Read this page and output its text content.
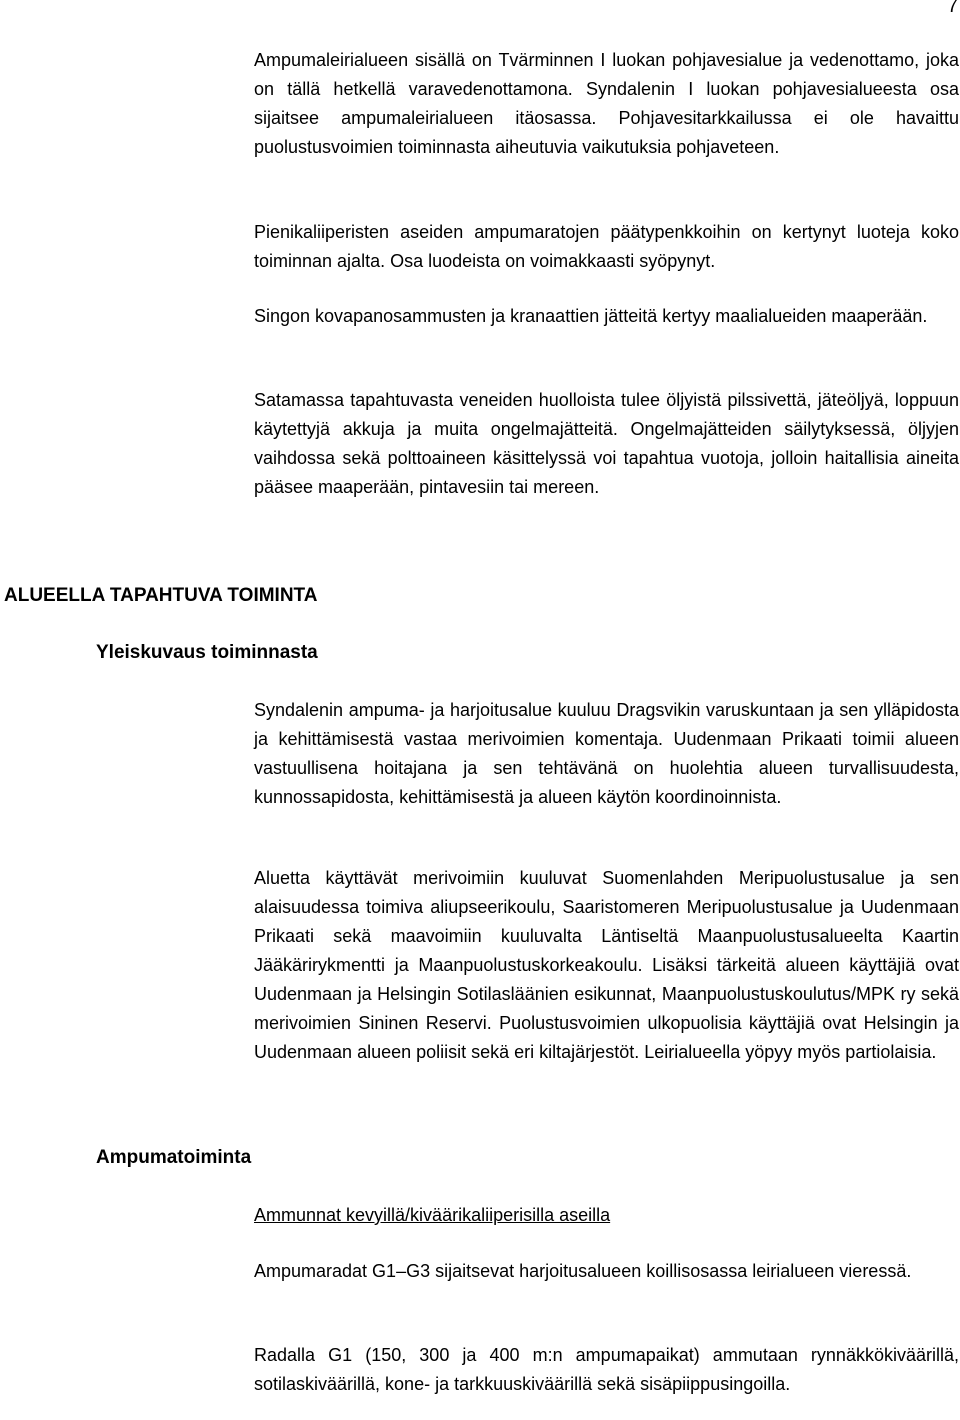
7

Ampumaleirialueen sisällä on Tvärminnen I luokan pohjavesialue ja vedenottamo, joka on tällä hetkellä varavedenottamona. Syndalenin I luokan pohjavesialueesta osa sijaitsee ampumaleirialueen itäosassa. Pohjavesitarkkailussa ei ole havaittu puolustusvoimien toiminnasta aiheutuvia vaikutuksia pohjaveteen.

Pienikaliiperisten aseiden ampumaratojen päätypenkkoihin on kertynyt luoteja koko toiminnan ajalta. Osa luodeista on voimakkaasti syöpynyt.

Singon kovapanosammusten ja kranaattien jätteitä kertyy maalialueiden maaperään.

Satamassa tapahtuvasta veneiden huolloista tulee öljyistä pilssivettä, jäteöljyä, loppuun käytettyjä akkuja ja muita ongelmajätteitä. Ongelmajätteiden säilytyksessä, öljyjen vaihdossa sekä polttoaineen käsittelyssä voi tapahtua vuotoja, jolloin haitallisia aineita pääsee maaperään, pintavesiin tai mereen.

ALUEELLA TAPAHTUVA TOIMINTA
Yleiskuvaus toiminnasta

Syndalenin ampuma- ja harjoitusalue kuuluu Dragsvikin varuskuntaan ja sen ylläpidosta ja kehittämisestä vastaa merivoimien komentaja. Uudenmaan Prikaati toimii alueen vastuullisena hoitajana ja sen tehtävänä on huolehtia alueen turvallisuudesta, kunnossapidosta, kehittämisestä ja alueen käytön koordinoinnista.

Aluetta käyttävät merivoimiin kuuluvat Suomenlahden Meripuolustusalue ja sen alaisuudessa toimiva aliupseerikoulu, Saaristomeren Meripuolustusalue ja Uudenmaan Prikaati sekä maavoimiin kuuluvalta Läntiseltä Maanpuolustusalueelta Kaartin Jääkärirykmentti ja Maanpuolustuskorkeakoulu. Lisäksi tärkeitä alueen käyttäjiä ovat Uudenmaan ja Helsingin Sotilasläänien esikunnat, Maanpuolustuskoulutus/MPK ry sekä merivoimien Sininen Reservi. Puolustusvoimien ulkopuolisia käyttäjiä ovat Helsingin ja Uudenmaan alueen poliisit sekä eri kiltajärjestöt. Leirialueella yöpyy myös partiolaisia.

Ampumatoiminta

Ammunnat kevyillä/kiväärikaliiperisilla aseilla

Ampumaradat G1–G3 sijaitsevat harjoitusalueen koillisosassa leirialueen vieressä.

Radalla G1 (150, 300 ja 400 m:n ampumapaikat) ammutaan rynnäkkökiväärillä, sotilaskiväärillä, kone- ja tarkkuuskiväärillä sekä sisäpiippusingoilla.
